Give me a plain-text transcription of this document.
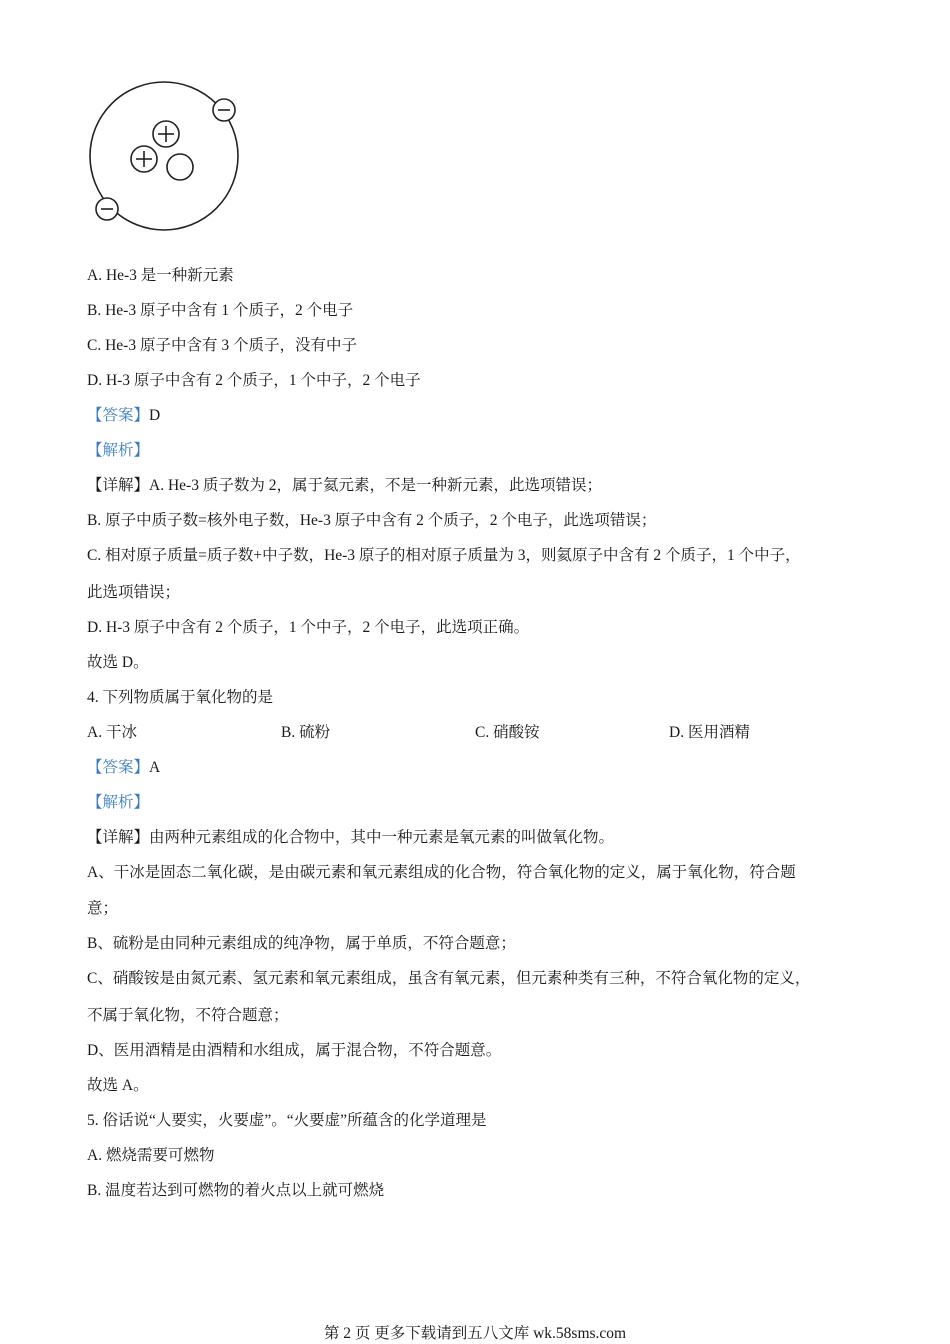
A. He-3 是一种新元素
B. He-3 原子中含有 1 个质子，2 个电子
C. He-3 原子中含有 3 个质子，没有中子
D. H-3 原子中含有 2 个质子，1 个中子，2 个电子
【答案】D
【解析】
【详解】A. He-3 质子数为 2，属于氦元素，不是一种新元素，此选项错误；
B. 原子中质子数=核外电子数，He-3 原子中含有 2 个质子，2 个电子，此选项错误；
C. 相对原子质量=质子数+中子数，He-3 原子的相对原子质量为 3，则氦原子中含有 2 个质子，1 个中子，
此选项错误；
D. H-3 原子中含有 2 个质子，1 个中子，2 个电子，此选项正确。
故选 D。
4. 下列物质属于氧化物的是
A. 干冰	B. 硫粉	C. 硝酸铵	D. 医用酒精
【答案】A
【解析】
【详解】由两种元素组成的化合物中，其中一种元素是氧元素的叫做氧化物。
A、干冰是固态二氧化碳，是由碳元素和氧元素组成的化合物，符合氧化物的定义，属于氧化物，符合题
意；
B、硫粉是由同种元素组成的纯净物，属于单质，不符合题意；
C、硝酸铵是由氮元素、氢元素和氧元素组成，虽含有氧元素，但元素种类有三种，不符合氧化物的定义，
不属于氧化物，不符合题意；
D、医用酒精是由酒精和水组成，属于混合物，不符合题意。
故选 A。
5. 俗话说“人要实，火要虚”。“火要虚”所蕴含的化学道理是
A. 燃烧需要可燃物
B. 温度若达到可燃物的着火点以上就可燃烧
第 2 页 更多下载请到五八文库 wk.58sms.com
